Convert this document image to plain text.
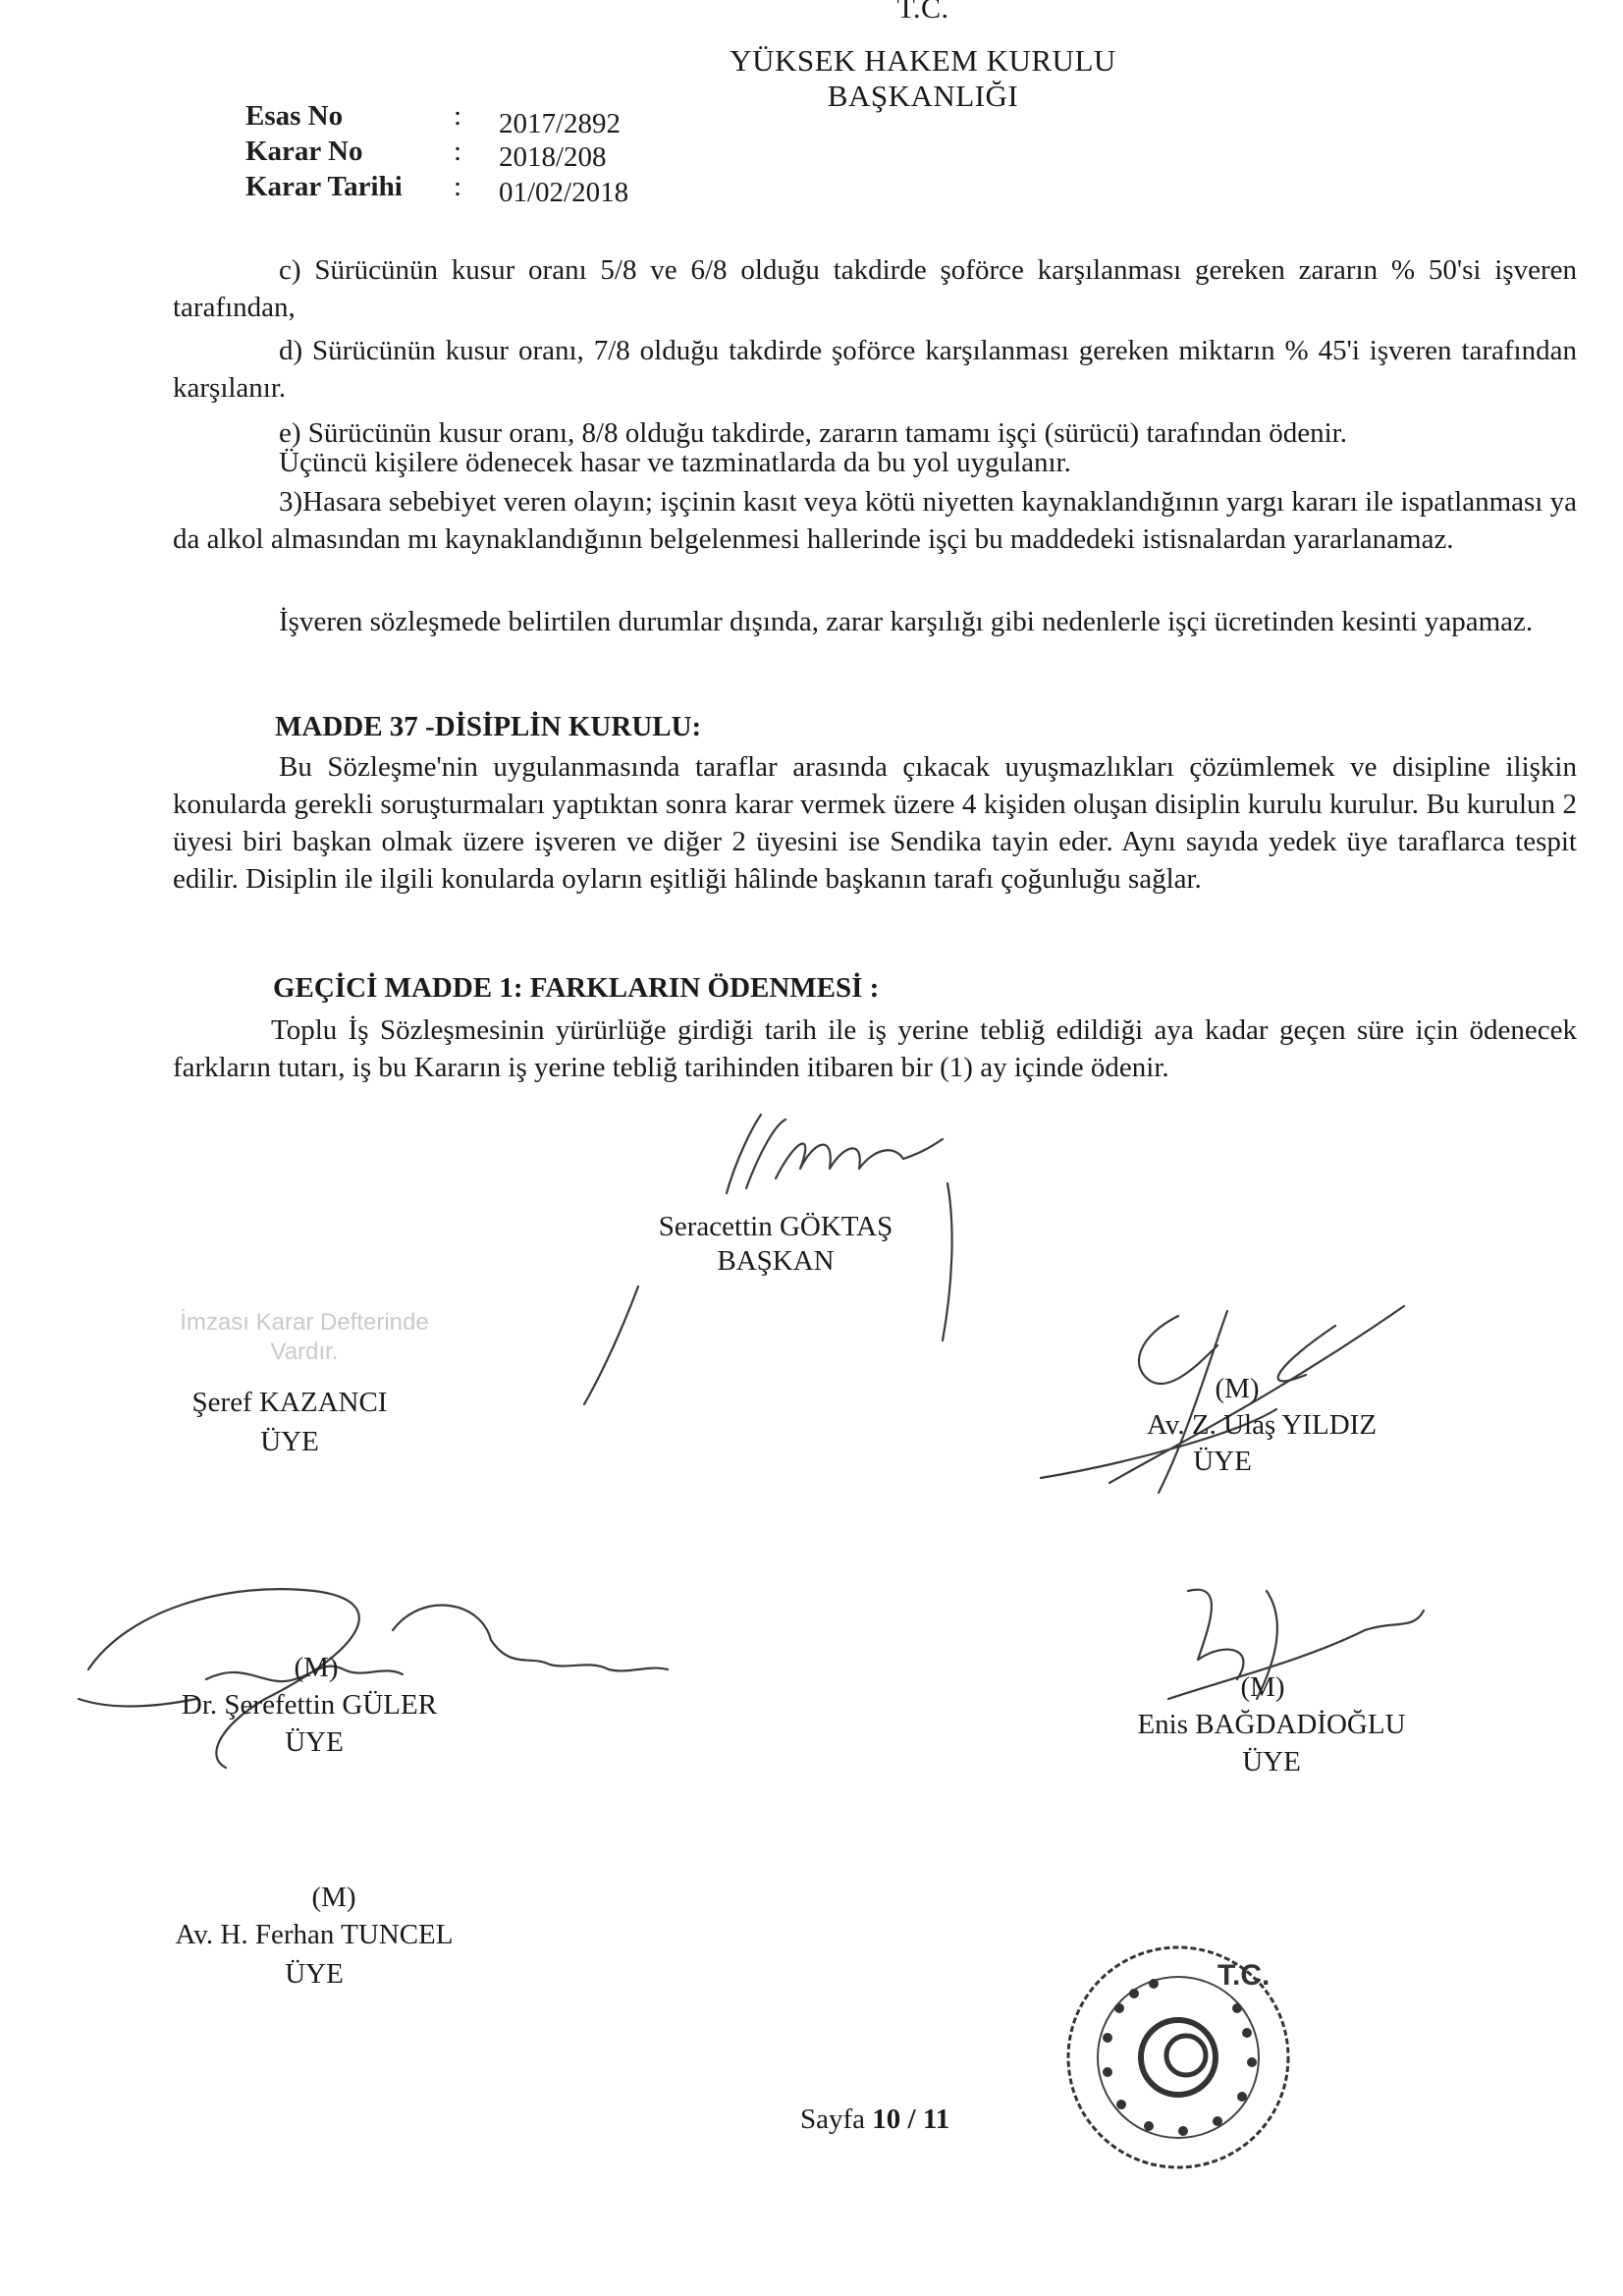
T.C.
YÜKSEK HAKEM KURULU
BAŞKANLIĞI
Esas No	: 2017/2892
Karar No	: 2018/208
Karar Tarihi : 01/02/2018
c) Sürücünün kusur oranı 5/8 ve 6/8 olduğu takdirde şoförce karşılanması gereken zararın % 50'si işveren tarafından,
d) Sürücünün kusur oranı, 7/8 olduğu takdirde şoförce karşılanması gereken miktarın % 45'i işveren tarafından karşılanır.
e) Sürücünün kusur oranı, 8/8 olduğu takdirde, zararın tamamı işçi (sürücü) tarafından ödenir.
Üçüncü kişilere ödenecek hasar ve tazminatlarda da bu yol uygulanır.
3)Hasara sebebiyet veren olayın; işçinin kasıt veya kötü niyetten kaynaklandığının yargı kararı ile ispatlanması ya da alkol almasından mı kaynaklandığının belgelenmesi hallerinde işçi bu maddedeki istisnalardan yararlanamaz.
İşveren sözleşmede belirtilen durumlar dışında, zarar karşılığı gibi nedenlerle işçi ücretinden kesinti yapamaz.
MADDE 37 -DİSİPLİN KURULU:
Bu Sözleşme'nin uygulanmasında taraflar arasında çıkacak uyuşmazlıkları çözümlemek ve disipline ilişkin konularda gerekli soruşturmaları yaptıktan sonra karar vermek üzere 4 kişiden oluşan disiplin kurulu kurulur. Bu kurulun 2 üyesi biri başkan olmak üzere işveren ve diğer 2 üyesini ise Sendika tayin eder. Aynı sayıda yedek üye taraflarca tespit edilir. Disiplin ile ilgili konularda oyların eşitliği hâlinde başkanın tarafı çoğunluğu sağlar.
GEÇİCİ MADDE 1: FARKLARIN ÖDENMESİ :
Toplu İş Sözleşmesinin yürürlüğe girdiği tarih ile iş yerine tebliğ edildiği aya kadar geçen süre için ödenecek farkların tutarı, iş bu Kararın iş yerine tebliğ tarihinden itibaren bir (1) ay içinde ödenir.
Seracettin GÖKTAŞ
BAŞKAN
İmzası Karar Defterinde
Vardır.
Şeref KAZANCI
ÜYE
(M)
Av. Z. Ulaş YILDIZ
ÜYE
(M)
Dr. Şerefettin GÜLER
ÜYE
(M)
Enis BAĞDADİOĞLU
ÜYE
(M)
Av. H. Ferhan TUNCEL
ÜYE	T.C.
Sayfa 10 / 11
